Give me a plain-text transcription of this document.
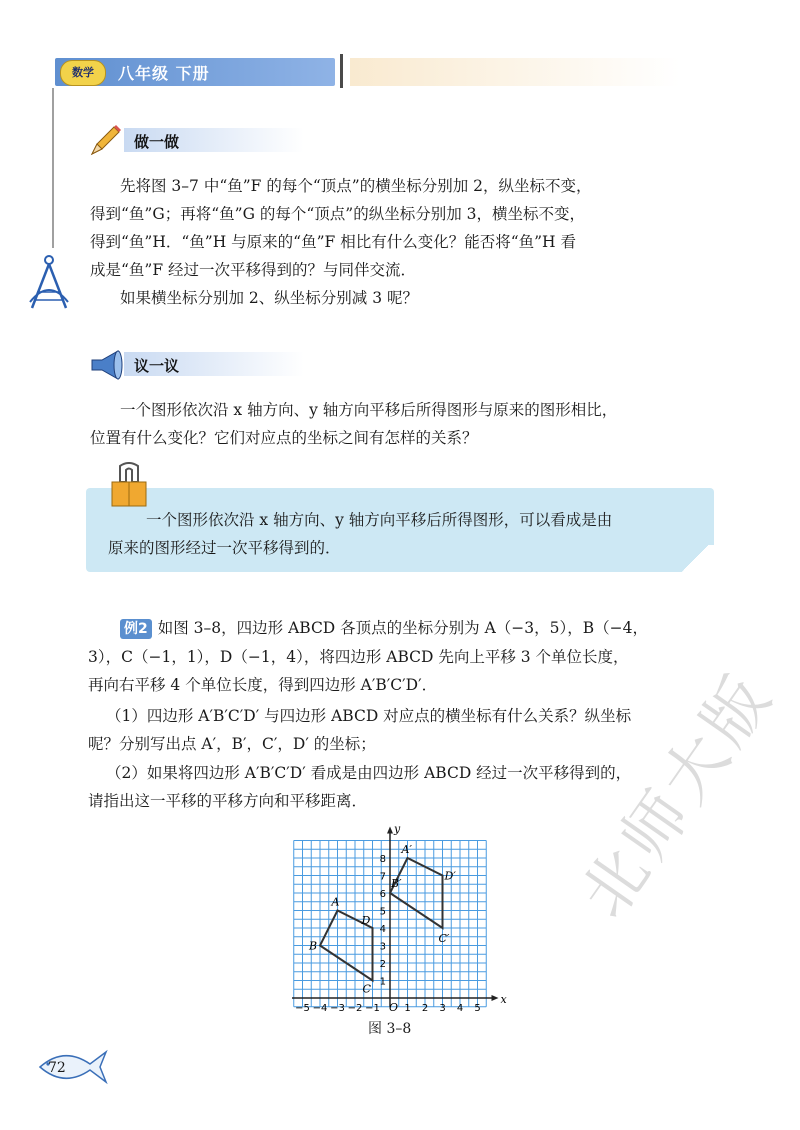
数学	八年级 下册
做一做

先将图 3–7 中“鱼”F 的每个“顶点”的横坐标分别加 2，纵坐标不变，

得到“鱼”G；再将“鱼”G 的每个“顶点”的纵坐标分别加 3，横坐标不变，

得到“鱼”H．“鱼”H 与原来的“鱼”F 相比有什么变化？能否将“鱼”H 看

成是“鱼”F 经过一次平移得到的？与同伴交流．

如果横坐标分别加 2、纵坐标分别减 3 呢？

议一议

一个图形依次沿 x 轴方向、y 轴方向平移后所得图形与原来的图形相比，

位置有什么变化？它们对应点的坐标之间有怎样的关系？

一个图形依次沿 x 轴方向、y 轴方向平移后所得图形，可以看成是由

原来的图形经过一次平移得到的．

例2 如图 3–8，四边形 ABCD 各顶点的坐标分别为 A（−3，5），B（−4，

3），C（−1，1），D（−1，4），将四边形 ABCD 先向上平移 3 个单位长度，

再向右平移 4 个单位长度，得到四边形 A′B′C′D′．

（1）四边形 A′B′C′D′ 与四边形 ABCD 对应点的横坐标有什么关系？纵坐标

呢？分别写出点 A′，B′，C′，D′ 的坐标；

（2）如果将四边形 A′B′C′D′ 看成是由四边形 ABCD 经过一次平移得到的，

请指出这一平移的平移方向和平移距离．

x
y
O
−5 −4 −3 −2 −1 1 2 3 4 5
1
2
3
4
5
6
7
8
A
B
C
D
A′
B′
C′
D′
图 3–8
72
北师大版
